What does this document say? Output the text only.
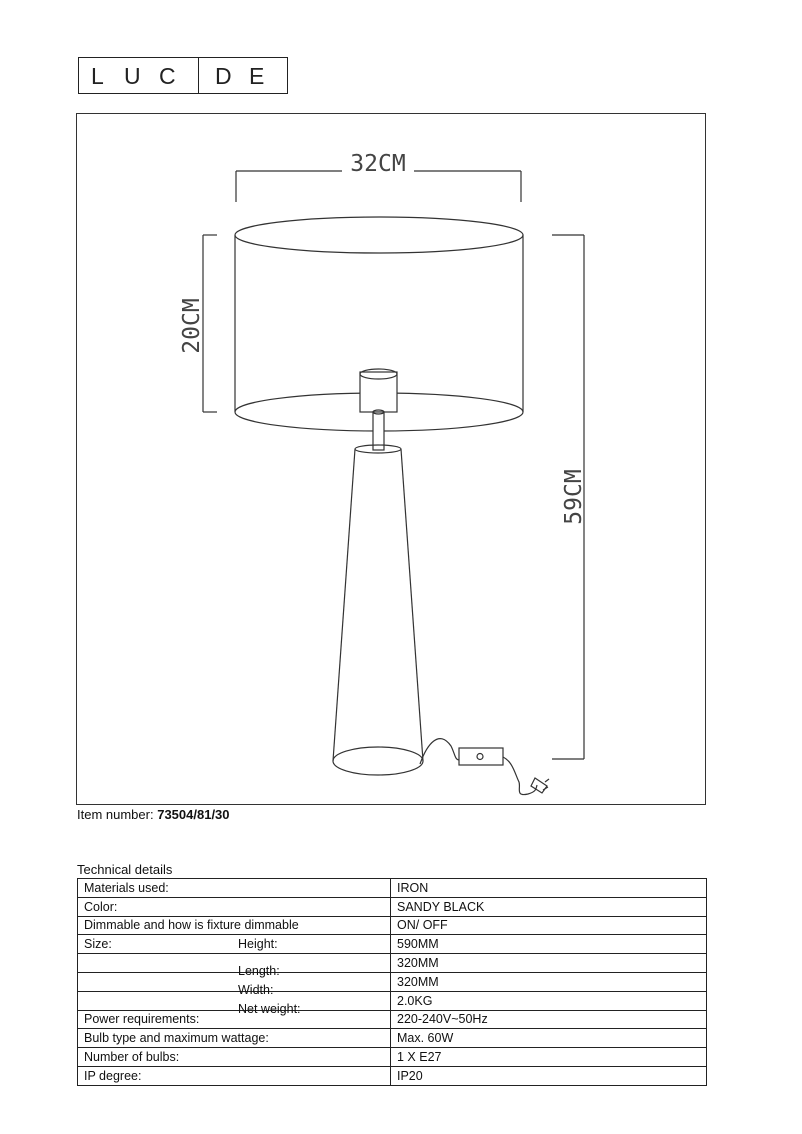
L U C D E
32CM
20CM
59CM
Item number: 73504/81/30
Technical details
Materials used:	IRON

Color:	SANDY BLACK

Dimmable and how is fixture dimmable	ON/ OFF

Size: Height:	590MM

Length:	320MM

Width:	320MM

Net weight:	2.0KG

Power requirements:	220-240V~50Hz

Bulb type and maximum wattage:	Max. 60W

Number of bulbs:	1 X E27

IP degree:	IP20
